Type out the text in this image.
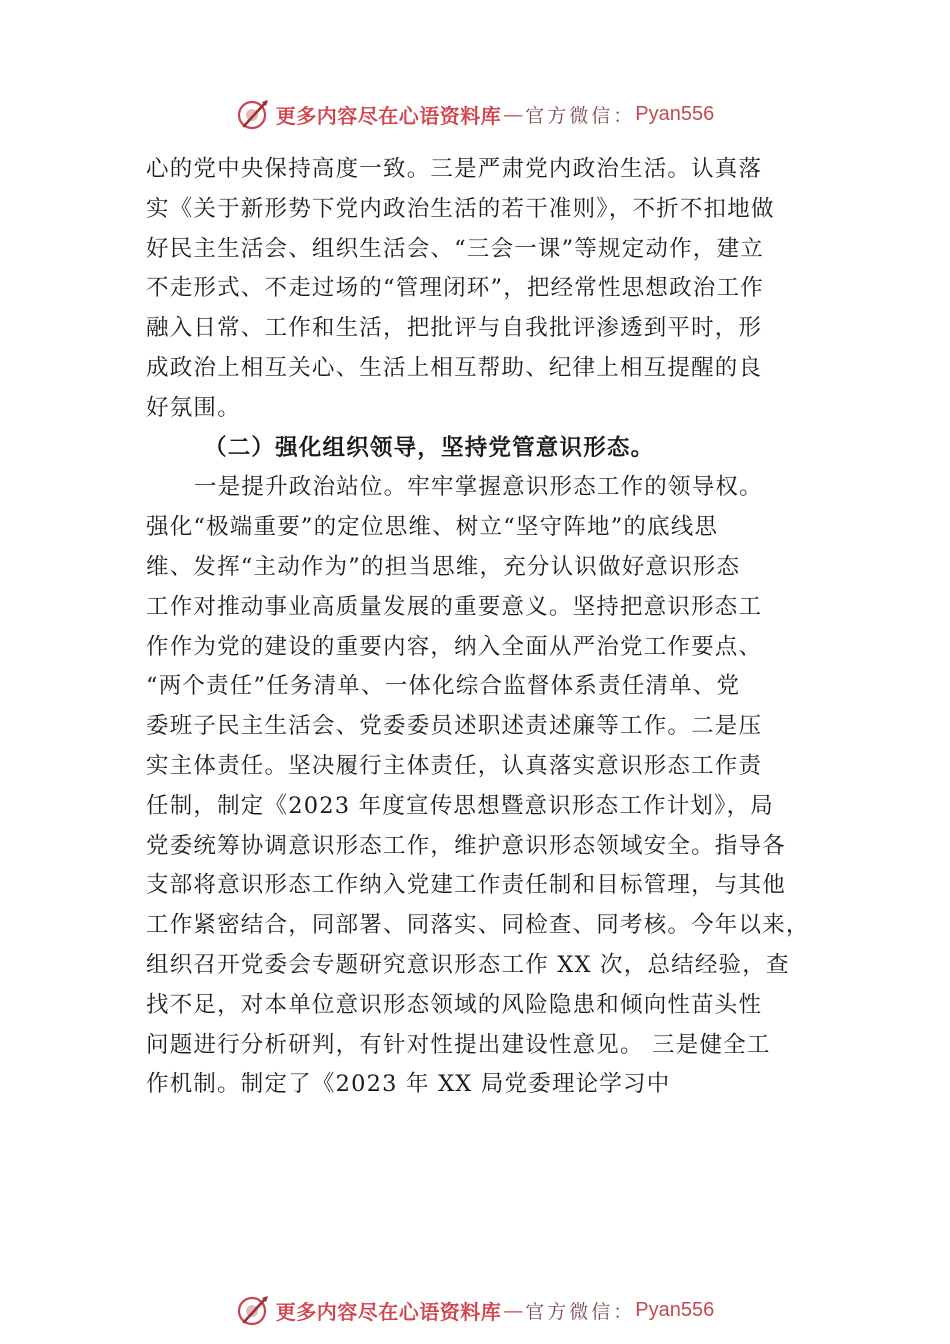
更多内容尽在心语资料库 — 官方微信： Pyan556
心的党中央保持高度一致。三是严肃党内政治生活。认真落
实《关于新形势下党内政治生活的若干准则》，不折不扣地做
好民主生活会、组织生活会、“三会一课”等规定动作，建立
不走形式、不走过场的“管理闭环”，把经常性思想政治工作
融入日常、工作和生活，把批评与自我批评渗透到平时，形
成政治上相互关心、生活上相互帮助、纪律上相互提醒的良
好氛围。
（二）强化组织领导，坚持党管意识形态。
一是提升政治站位。牢牢掌握意识形态工作的领导权。
强化“极端重要”的定位思维、树立“坚守阵地”的底线思
维、发挥“主动作为”的担当思维，充分认识做好意识形态
工作对推动事业高质量发展的重要意义。坚持把意识形态工
作作为党的建设的重要内容，纳入全面从严治党工作要点、
“两个责任”任务清单、一体化综合监督体系责任清单、党
委班子民主生活会、党委委员述职述责述廉等工作。二是压
实主体责任。坚决履行主体责任，认真落实意识形态工作责
任制，制定《2023 年度宣传思想暨意识形态工作计划》，局
党委统筹协调意识形态工作，维护意识形态领域安全。指导各
支部将意识形态工作纳入党建工作责任制和目标管理，与其他
工作紧密结合，同部署、同落实、同检查、同考核。今年以来，
组织召开党委会专题研究意识形态工作 XX 次，总结经验，查
找不足，对本单位意识形态领域的风险隐患和倾向性苗头性
问题进行分析研判，有针对性提出建设性意见。 三是健全工
作机制。制定了《2023 年 XX 局党委理论学习中
更多内容尽在心语资料库 — 官方微信： Pyan556
